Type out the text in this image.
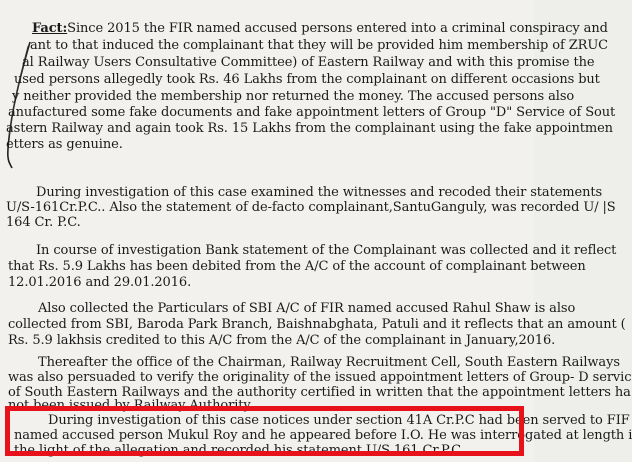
Fact:Since 2015 the FIR named accused persons entered into a criminal conspiracy and
ant to that induced the complainant that they will be provided him membership of ZRUC
al Railway Users Consultative Committee) of Eastern Railway and with this promise the
used persons allegedly took Rs. 46 Lakhs from the complainant on different occasions but
y neither provided the membership nor returned the money. The accused persons also
anufactured some fake documents and fake appointment letters of Group "D" Service of Sout
astern Railway and again took Rs. 15 Lakhs from the complainant using the fake appointmen
etters as genuine.
During investigation of this case examined the witnesses and recoded their statements
U/S-161Cr.P.C.. Also the statement of de-facto complainant,SantuGanguly, was recorded U/ |S
164 Cr. P.C.
In course of investigation Bank statement of the Complainant was collected and it reflect
that Rs. 5.9 Lakhs has been debited from the A/C of the account of complainant between
12.01.2016 and 29.01.2016.
Also collected the Particulars of SBI A/C of FIR named accused Rahul Shaw is also
collected from SBI, Baroda Park Branch, Baishnabghata, Patuli and it reflects that an amount (
Rs. 5.9 lakhsis credited to this A/C from the A/C of the complainant in January,2016.
Thereafter the office of the Chairman, Railway Recruitment Cell, South Eastern Railways
was also persuaded to verify the originality of the issued appointment letters of Group- D servic
of South Eastern Railways and the authority certified in written that the appointment letters ha
not been issued by Railway Authority
During investigation of this case notices under section 41A Cr.P.C had been served to FIF
named accused person Mukul Roy and he appeared before I.O. He was interrogated at length i
the light of the allegation and recorded his statement U/S 161 Cr.P.C.
